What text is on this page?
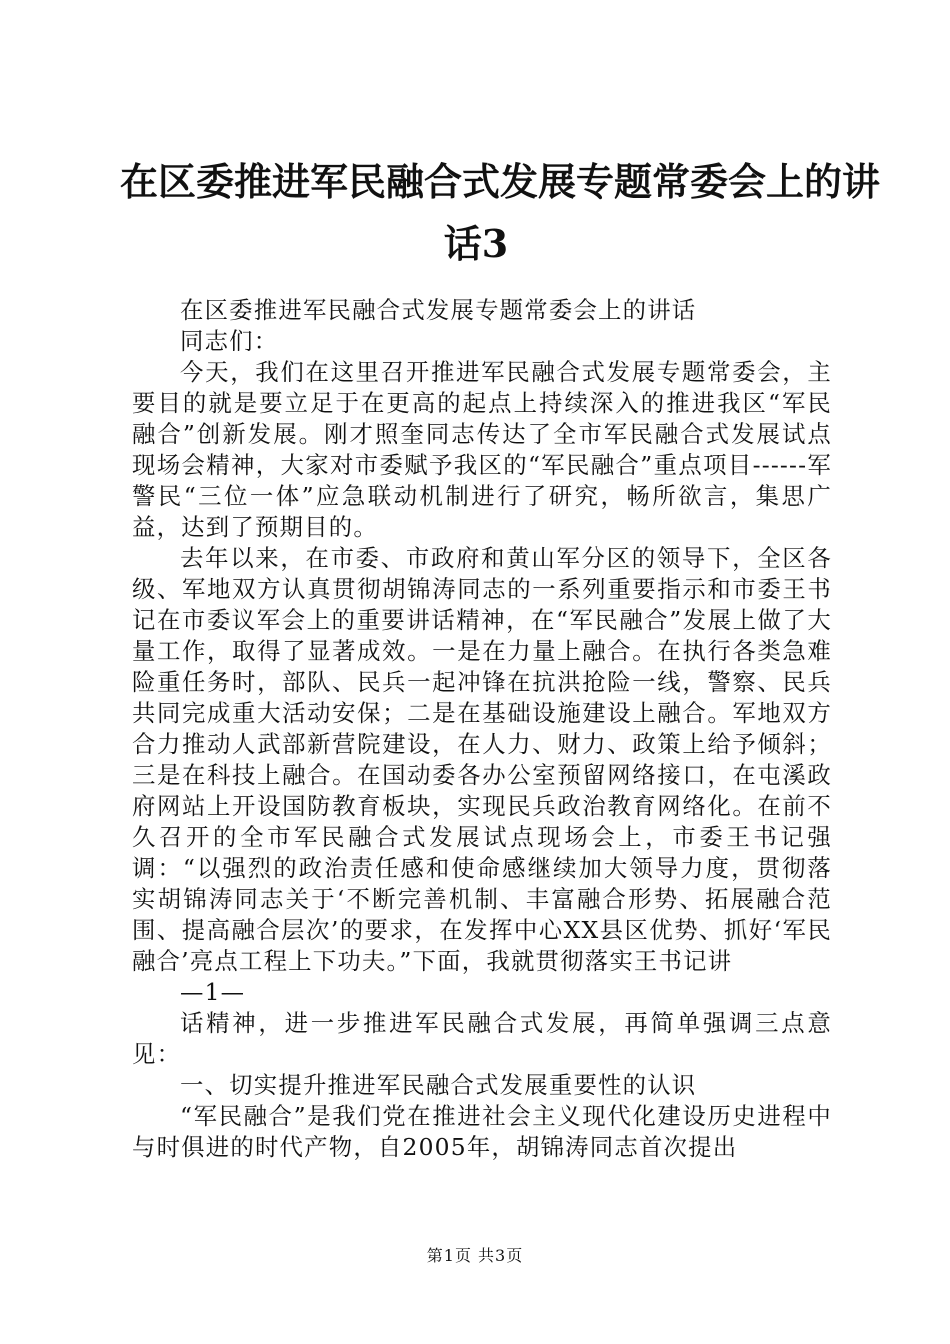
在区委推进军民融合式发展专题常委会上的讲
话3

在区委推进军民融合式发展专题常委会上的讲话

同志们：

今天，我们在这里召开推进军民融合式发展专题常委会，主要目的就是要立足于在更高的起点上持续深入的推进我区“军民融合”创新发展。刚才照奎同志传达了全市军民融合式发展试点现场会精神，大家对市委赋予我区的“军民融合”重点项目------军警民“三位一体”应急联动机制进行了研究，畅所欲言，集思广益，达到了预期目的。

去年以来，在市委、市政府和黄山军分区的领导下，全区各级、军地双方认真贯彻胡锦涛同志的一系列重要指示和市委王书记在市委议军会上的重要讲话精神，在“军民融合”发展上做了大量工作，取得了显著成效。一是在力量上融合。在执行各类急难险重任务时，部队、民兵一起冲锋在抗洪抢险一线，警察、民兵共同完成重大活动安保；二是在基础设施建设上融合。军地双方合力推动人武部新营院建设，在人力、财力、政策上给予倾斜；三是在科技上融合。在国动委各办公室预留网络接口，在屯溪政府网站上开设国防教育板块，实现民兵政治教育网络化。在前不久召开的全市军民融合式发展试点现场会上，市委王书记强调：“以强烈的政治责任感和使命感继续加大领导力度，贯彻落实胡锦涛同志关于‘不断完善机制、丰富融合形势、拓展融合范围、提高融合层次’的要求，在发挥中心XX县区优势、抓好‘军民融合’亮点工程上下功夫。”下面，我就贯彻落实王书记讲

—1—

话精神，进一步推进军民融合式发展，再简单强调三点意见：

一、切实提升推进军民融合式发展重要性的认识

“军民融合”是我们党在推进社会主义现代化建设历史进程中与时俱进的时代产物，自2005年，胡锦涛同志首次提出

第1页 共3页
